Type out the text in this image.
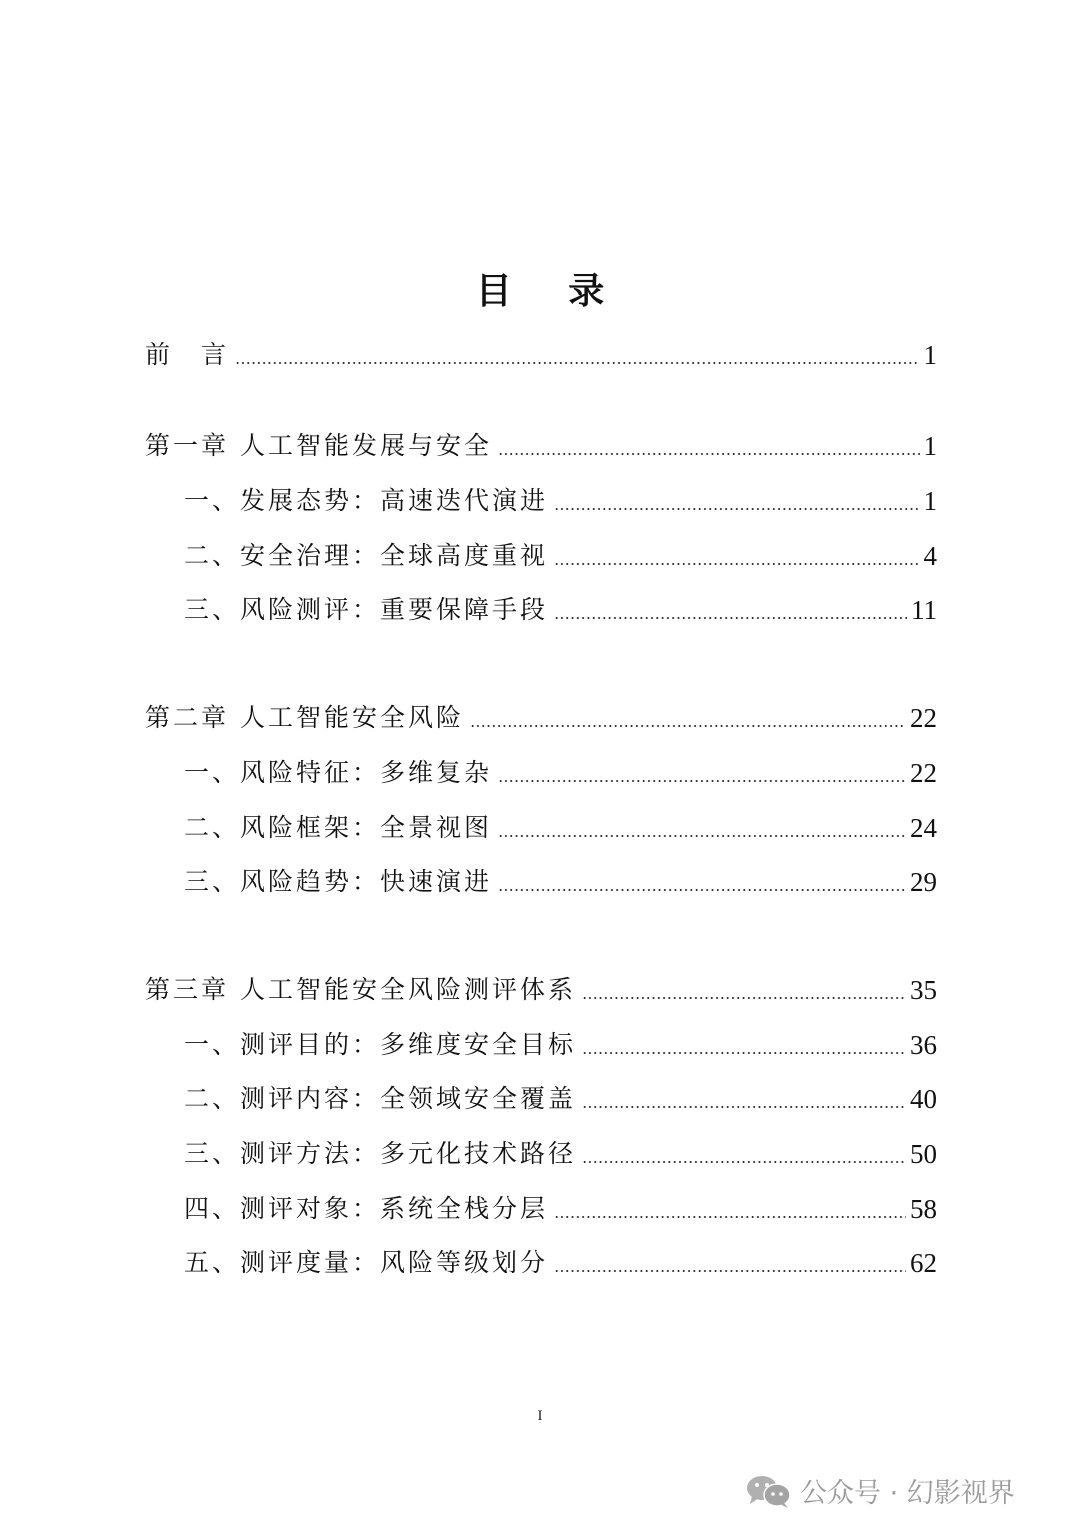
目 录
前　言	1
第一章 人工智能发展与安全	1
一、发展态势：高速迭代演进	1
二、安全治理：全球高度重视	4
三、风险测评：重要保障手段	11
第二章 人工智能安全风险	22
一、风险特征：多维复杂	22
二、风险框架：全景视图	24
三、风险趋势：快速演进	29
第三章 人工智能安全风险测评体系	35
一、测评目的：多维度安全目标	36
二、测评内容：全领域安全覆盖	40
三、测评方法：多元化技术路径	50
四、测评对象：系统全栈分层	58
五、测评度量：风险等级划分	62
I
公众号 · 幻影视界
